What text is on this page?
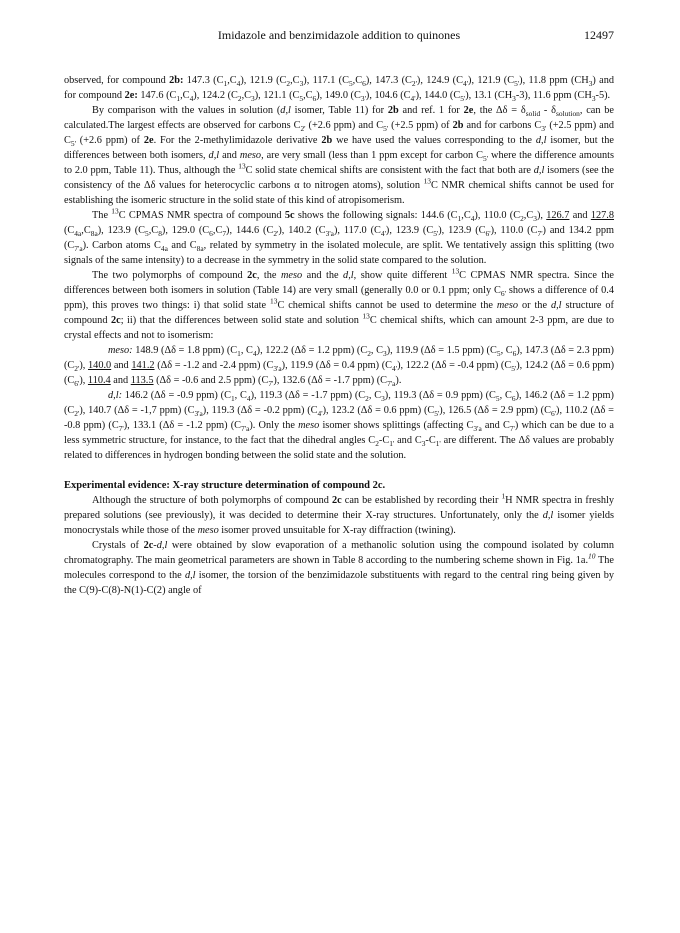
Imidazole and benzimidazole addition to quinones	12497

observed, for compound 2b: 147.3 $(C_1,C_4)$, 121.9 $(C_2,C_3)$, 117.1 $(C_5,C_6)$, 147.3 $(C_{2'})$, 124.9 $(C_{4'})$, 121.9 $(C_{5'})$, 11.8 ppm $(CH_3)$ and for compound 2e: 147.6 $(C_1,C_4)$, 124.2 $(C_2,C_3)$, 121.1 $(C_5,C_6)$, 149.0 $(C_{3'})$, 104.6 $(C_{4'})$, 144.0 $(C_{5'})$, 13.1 $(CH_3-3)$, 11.6 ppm $(CH_3-5)$.

By comparison with the values in solution (d,l isomer, Table 11) for 2b and ref. 1 for 2e, the $\Delta\delta = \delta_{solid} - \delta_{solution}$, can be calculated.The largest effects are observed for carbons $C_{2'}$ (+2.6 ppm) and $C_{5'}$ (+2.5 ppm) of 2b and for carbons $C_{3'}$ (+2.5 ppm) and $C_{5'}$ (+2.6 ppm) of 2e. For the 2-methylimidazole derivative 2b we have used the values corresponding to the d,l isomer, but the differences between both isomers, d,l and meso, are very small (less than 1 ppm except for carbon $C_{5'}$ where the difference amounts to 2.0 ppm, Table 11). Thus, although the $^{13}$C solid state chemical shifts are consistent with the fact that both are d,l isomers (see the consistency of the Δδ values for heterocyclic carbons α to nitrogen atoms), solution $^{13}$C NMR chemical shifts cannot be used for establishing the isomeric structure in the solid state of this kind of atropisomerism.

The $^{13}$C CPMAS NMR spectra of compound 5c shows the following signals: 144.6 $(C_1,C_4)$, 110.0 $(C_2,C_3)$, 126.7 and 127.8 $(C_{4a},C_{8a})$, 123.9 $(C_5,C_8)$, 129.0 $(C_6,C_7)$, 144.6 $(C_{2'})$, 140.2 $(C_{3'a})$, 117.0 $(C_{4'})$, 123.9 $(C_{5'})$, 123.9 $(C_{6'})$, 110.0 $(C_{7'})$ and 134.2 ppm $(C_{7'a})$. Carbon atoms $C_{4a}$ and $C_{8a}$, related by symmetry in the isolated molecule, are split. We tentatively assign this splitting (two signals of the same intensity) to a decrease in the symmetry in the solid state compared to the solution.

The two polymorphs of compound 2c, the meso and the d,l, show quite different $^{13}$C CPMAS NMR spectra. Since the differences between both isomers in solution (Table 14) are very small (generally 0.0 or 0.1 ppm; only $C_{6'}$ shows a difference of 0.4 ppm), this proves two things: i) that solid state $^{13}$C chemical shifts cannot be used to determine the meso or the d,l structure of compound 2c; ii) that the differences between solid state and solution $^{13}$C chemical shifts, which can amount 2-3 ppm, are due to crystal effects and not to isomerism:

meso: 148.9 (Δδ = 1.8 ppm) ($C_1$, $C_4$), 122.2 (Δδ = 1.2 ppm) ($C_2$, $C_3$), 119.9 (Δδ = 1.5 ppm) ($C_5$, $C_6$), 147.3 (Δδ = 2.3 ppm) $(C_{2'})$, 140.0 and 141.2 (Δδ = -1.2 and -2.4 ppm) $(C_{3'a})$, 119.9 (Δδ = 0.4 ppm) $(C_{4'})$, 122.2 (Δδ = -0.4 ppm) $(C_{5'})$, 124.2 (Δδ = 0.6 ppm) $(C_{6'})$, 110.4 and 113.5 (Δδ = -0.6 and 2.5 ppm) $(C_{7'})$, 132.6 (Δδ = -1.7 ppm) $(C_{7'a})$.

d,l: 146.2 (Δδ = -0.9 ppm) ($C_1$, $C_4$), 119.3 (Δδ = -1.7 ppm) ($C_2$, $C_3$), 119.3 (Δδ = 0.9 ppm) ($C_5$, $C_6$), 146.2 (Δδ = 1.2 ppm) $(C_{2'})$, 140.7 (Δδ = -1,7 ppm) $(C_{3'a})$, 119.3 (Δδ = -0.2 ppm) $(C_{4'})$, 123.2 (Δδ = 0.6 ppm) $(C_{5'})$, 126.5 (Δδ = 2.9 ppm) $(C_{6'})$, 110.2 (Δδ = -0.8 ppm) $(C_{7'})$, 133.1 (Δδ = -1.2 ppm) $(C_{7'a})$. Only the meso isomer shows splittings (affecting $C_{3'a}$ and $C_{7'}$) which can be due to a less symmetric structure, for instance, to the fact that the dihedral angles $C_2-C_{1'}$ and $C_3-C_{1'}$ are different. The Δδ values are probably related to differences in hydrogen bonding between the solid state and the solution.

Experimental evidence: X-ray structure determination of compound 2c.

Although the structure of both polymorphs of compound 2c can be established by recording their $^1$H NMR spectra in freshly prepared solutions (see previously), it was decided to determine their X-ray structures. Unfortunately, only the d,l isomer yields monocrystals while those of the meso isomer proved unsuitable for X-ray diffraction (twining).

Crystals of 2c-d,l were obtained by slow evaporation of a methanolic solution using the compound isolated by column chromatography. The main geometrical parameters are shown in Table 8 according to the numbering scheme shown in Fig. 1a.$^{10}$ The molecules correspond to the d,l isomer, the torsion of the benzimidazole substituents with regard to the central ring being given by the C(9)-C(8)-N(1)-C(2) angle of
